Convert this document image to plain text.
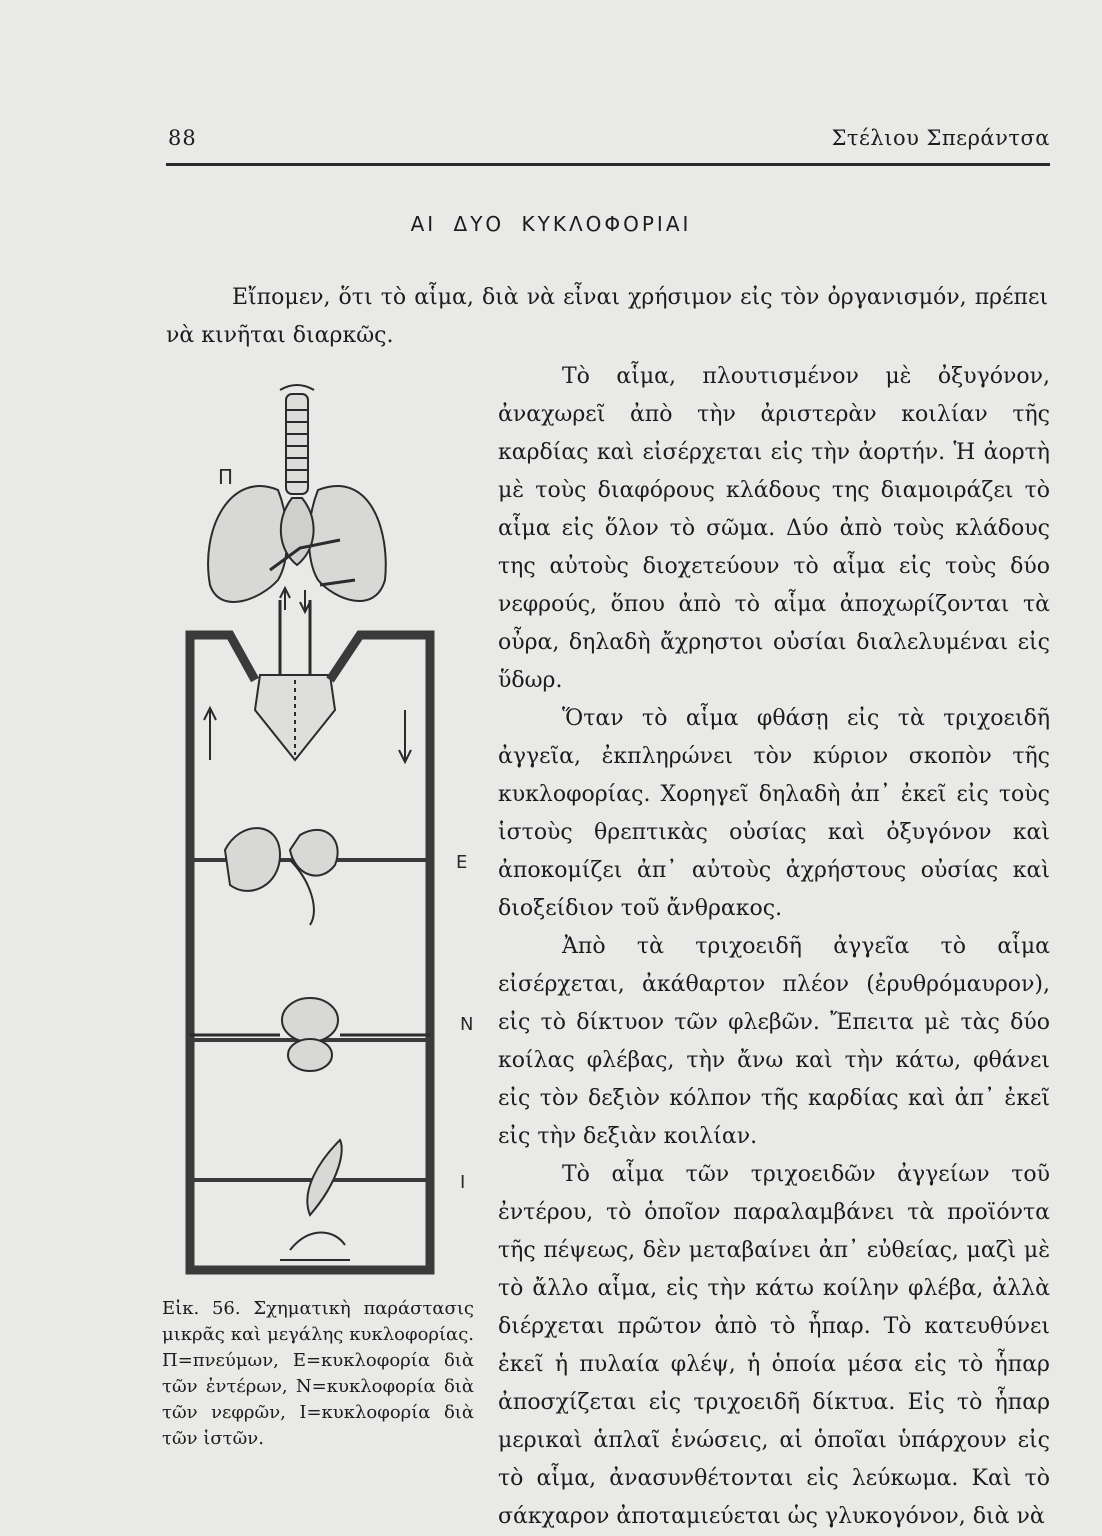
88	Στέλιου Σπεράντσα
ΑΙ ΔΥΟ ΚΥΚΛΟΦΟΡΙΑΙ

Εἴπομεν, ὅτι τὸ αἷμα, διὰ νὰ εἶναι χρήσιμον εἰς τὸν ὀργανισμόν, πρέπει νὰ κινῆται διαρκῶς.

Τὸ αἷμα, πλουτισμένον μὲ ὀξυγόνον, ἀναχωρεῖ ἀπὸ τὴν ἀριστερὰν κοιλίαν τῆς καρδίας καὶ εἰσέρχεται εἰς τὴν ἀορτήν. Ἡ ἀορτὴ μὲ τοὺς διαφόρους κλάδους της διαμοιράζει τὸ αἷμα εἰς ὅλον τὸ σῶμα. Δύο ἀπὸ τοὺς κλάδους της αὐτοὺς διοχετεύουν τὸ αἷμα εἰς τοὺς δύο νεφρούς, ὅπου ἀπὸ τὸ αἷμα ἀποχωρίζονται τὰ οὖρα, δηλαδὴ ἄχρηστοι οὐσίαι διαλελυμέναι εἰς ὕδωρ.

Ὅταν τὸ αἷμα φθάσῃ εἰς τὰ τριχοειδῆ ἀγγεῖα, ἐκπληρώνει τὸν κύριον σκοπὸν τῆς κυκλοφορίας. Χορηγεῖ δηλαδὴ ἀπ᾽ ἐκεῖ εἰς τοὺς ἱστοὺς θρεπτικὰς οὐσίας καὶ ὀξυγόνον καὶ ἀποκομίζει ἀπ᾽ αὐτοὺς ἀχρήστους οὐσίας καὶ διοξείδιον τοῦ ἄνθρακος.

Ἀπὸ τὰ τριχοειδῆ ἀγγεῖα τὸ αἷμα εἰσέρχεται, ἀκάθαρτον πλέον (ἐρυθρόμαυρον), εἰς τὸ δίκτυον τῶν φλεβῶν. Ἔπειτα μὲ τὰς δύο κοίλας φλέβας, τὴν ἄνω καὶ τὴν κάτω, φθάνει εἰς τὸν δεξιὸν κόλπον τῆς καρδίας καὶ ἀπ᾽ ἐκεῖ εἰς τὴν δεξιὰν κοιλίαν.

Τὸ αἷμα τῶν τριχοειδῶν ἀγγείων τοῦ ἐντέρου, τὸ ὁποῖον παραλαμβάνει τὰ προϊόντα τῆς πέψεως, δὲν μεταβαίνει ἀπ᾽ εὐθείας, μαζὶ μὲ τὸ ἄλλο αἷμα, εἰς τὴν κάτω κοίλην φλέβα, ἀλλὰ διέρχεται πρῶτον ἀπὸ τὸ ἧπαρ. Τὸ κατευθύνει ἐκεῖ ἡ πυλαία φλέψ, ἡ ὁποία μέσα εἰς τὸ ἧπαρ ἀποσχίζεται εἰς τριχοειδῆ δίκτυα. Εἰς τὸ ἧπαρ μερικαὶ ἁπλαῖ ἑνώσεις, αἱ ὁποῖαι ὑπάρχουν εἰς τὸ αἷμα, ἀνασυνθέτονται εἰς λεύκωμα. Καὶ τὸ σάκχαρον ἀποταμιεύεται ὡς γλυκογόνον, διὰ νὰ

Π
Ε
Ν
Ι

Εἰκ. 56. Σχηματικὴ παράστασις μικρᾶς καὶ μεγάλης κυκλοφορίας. Π=πνεύμων, Ε=κυκλοφορία διὰ τῶν ἐντέρων, Ν=κυκλοφορία διὰ τῶν νεφρῶν, Ι=κυκλοφορία διὰ τῶν ἱστῶν.
